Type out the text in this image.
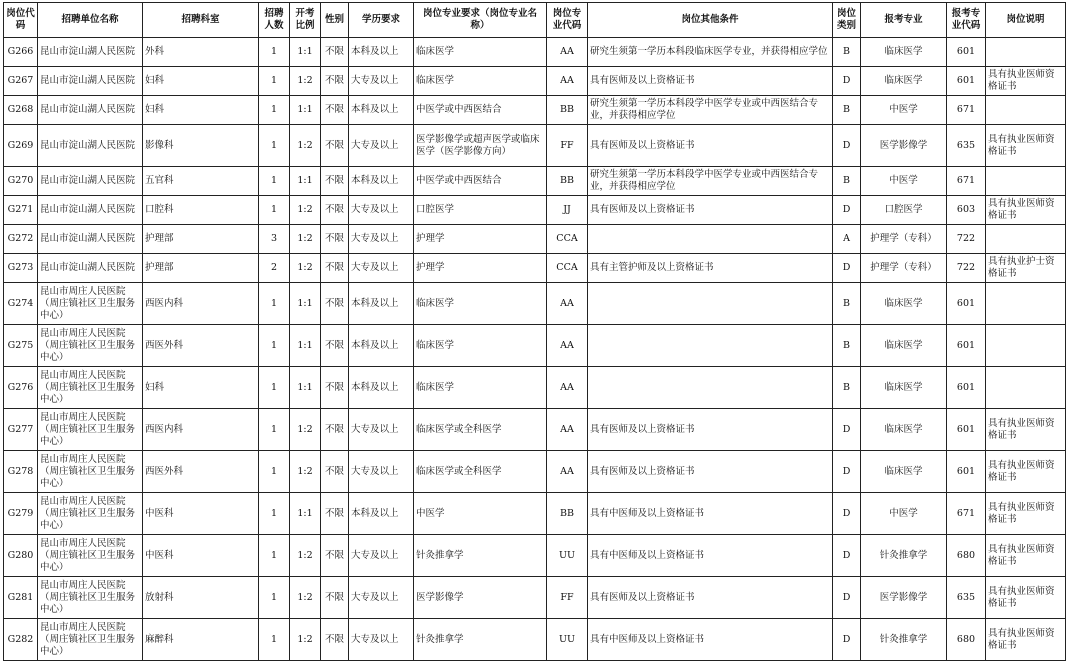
岗位代码	招聘单位名称	招聘科室	招聘人数	开考比例	性别	学历要求	岗位专业要求（岗位专业名称）	岗位专业代码	岗位其他条件	岗位类别	报考专业	报考专业代码	岗位说明
G266	昆山市淀山湖人民医院	外科	1	1:1	不限	本科及以上	临床医学	AA	研究生须第一学历本科段临床医学专业，并获得相应学位	B	临床医学	601	
G267	昆山市淀山湖人民医院	妇科	1	1:2	不限	大专及以上	临床医学	AA	具有医师及以上资格证书	D	临床医学	601	具有执业医师资格证书
G268	昆山市淀山湖人民医院	妇科	1	1:1	不限	本科及以上	中医学或中西医结合	BB	研究生须第一学历本科段学中医学专业或中西医结合专业，并获得相应学位	B	中医学	671	
G269	昆山市淀山湖人民医院	影像科	1	1:2	不限	大专及以上	医学影像学或超声医学或临床医学（医学影像方向）	FF	具有医师及以上资格证书	D	医学影像学	635	具有执业医师资格证书
G270	昆山市淀山湖人民医院	五官科	1	1:1	不限	本科及以上	中医学或中西医结合	BB	研究生须第一学历本科段学中医学专业或中西医结合专业，并获得相应学位	B	中医学	671	
G271	昆山市淀山湖人民医院	口腔科	1	1:2	不限	大专及以上	口腔医学	JJ	具有医师及以上资格证书	D	口腔医学	603	具有执业医师资格证书
G272	昆山市淀山湖人民医院	护理部	3	1:2	不限	大专及以上	护理学	CCA		A	护理学（专科）	722	
G273	昆山市淀山湖人民医院	护理部	2	1:2	不限	大专及以上	护理学	CCA	具有主管护师及以上资格证书	D	护理学（专科）	722	具有执业护士资格证书
G274	昆山市周庄人民医院（周庄镇社区卫生服务中心）	西医内科	1	1:1	不限	本科及以上	临床医学	AA		B	临床医学	601	
G275	昆山市周庄人民医院（周庄镇社区卫生服务中心）	西医外科	1	1:1	不限	本科及以上	临床医学	AA		B	临床医学	601	
G276	昆山市周庄人民医院（周庄镇社区卫生服务中心）	妇科	1	1:1	不限	本科及以上	临床医学	AA		B	临床医学	601	
G277	昆山市周庄人民医院（周庄镇社区卫生服务中心）	西医内科	1	1:2	不限	大专及以上	临床医学或全科医学	AA	具有医师及以上资格证书	D	临床医学	601	具有执业医师资格证书
G278	昆山市周庄人民医院（周庄镇社区卫生服务中心）	西医外科	1	1:2	不限	大专及以上	临床医学或全科医学	AA	具有医师及以上资格证书	D	临床医学	601	具有执业医师资格证书
G279	昆山市周庄人民医院（周庄镇社区卫生服务中心）	中医科	1	1:1	不限	本科及以上	中医学	BB	具有中医师及以上资格证书	D	中医学	671	具有执业医师资格证书
G280	昆山市周庄人民医院（周庄镇社区卫生服务中心）	中医科	1	1:2	不限	大专及以上	针灸推拿学	UU	具有中医师及以上资格证书	D	针灸推拿学	680	具有执业医师资格证书
G281	昆山市周庄人民医院（周庄镇社区卫生服务中心）	放射科	1	1:2	不限	大专及以上	医学影像学	FF	具有医师及以上资格证书	D	医学影像学	635	具有执业医师资格证书
G282	昆山市周庄人民医院（周庄镇社区卫生服务中心）	麻醉科	1	1:2	不限	大专及以上	针灸推拿学	UU	具有中医师及以上资格证书	D	针灸推拿学	680	具有执业医师资格证书
